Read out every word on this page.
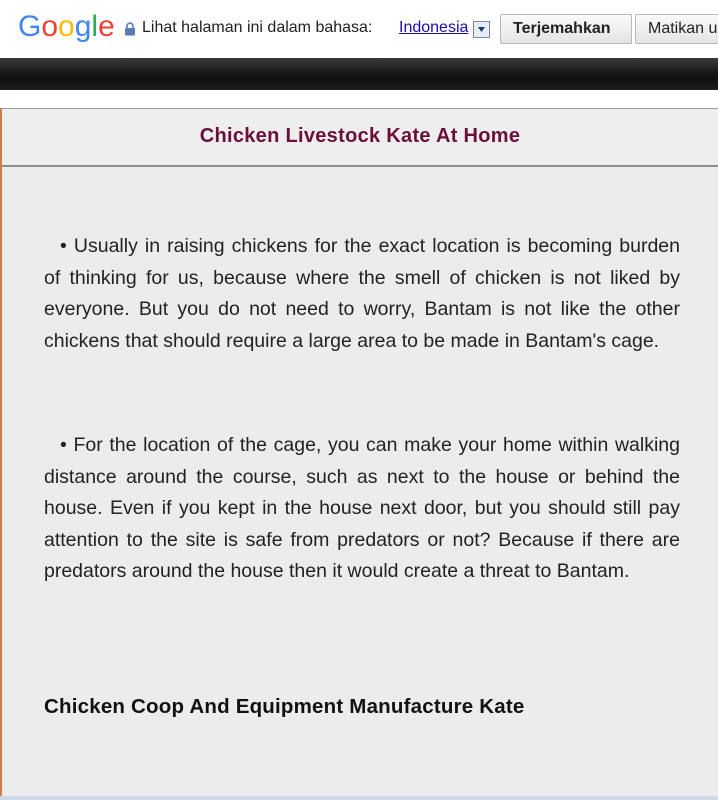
Google Lihat halaman ini dalam bahasa: Indonesia	Terjemahkan	Matikan u
Chicken Livestock Kate At Home
• Usually in raising chickens for the exact location is becoming burden of thinking for us, because where the smell of chicken is not liked by everyone. But you do not need to worry, Bantam is not like the other chickens that should require a large area to be made in Bantam's cage.
• For the location of the cage, you can make your home within walking distance around the course, such as next to the house or behind the house. Even if you kept in the house next door, but you should still pay attention to the site is safe from predators or not? Because if there are predators around the house then it would create a threat to Bantam.
Chicken Coop And Equipment Manufacture Kate
